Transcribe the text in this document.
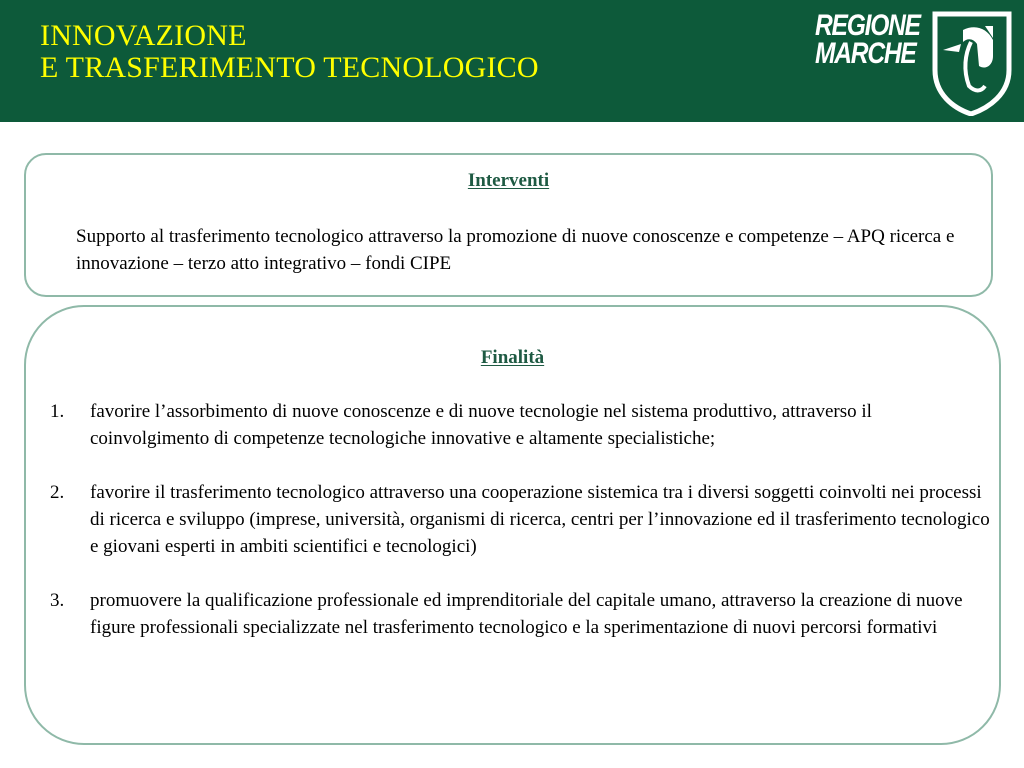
INNOVAZIONE
E TRASFERIMENTO TECNOLOGICO
REGIONE
MARCHE
Interventi

Supporto al trasferimento tecnologico attraverso la promozione di nuove conoscenze e competenze – APQ ricerca e innovazione – terzo atto integrativo – fondi CIPE

Finalità
1. favorire l’assorbimento di nuove conoscenze e di nuove tecnologie nel sistema produttivo, attraverso il coinvolgimento di competenze tecnologiche innovative e altamente specialistiche;
2. favorire il trasferimento tecnologico attraverso una cooperazione sistemica tra i diversi soggetti coinvolti nei processi di ricerca e sviluppo (imprese, università, organismi di ricerca, centri per l’innovazione ed il trasferimento tecnologico e giovani esperti in ambiti scientifici e tecnologici)
3. promuovere la qualificazione professionale ed imprenditoriale del capitale umano, attraverso la creazione di nuove figure professionali specializzate nel trasferimento tecnologico e la sperimentazione di nuovi percorsi formativi
